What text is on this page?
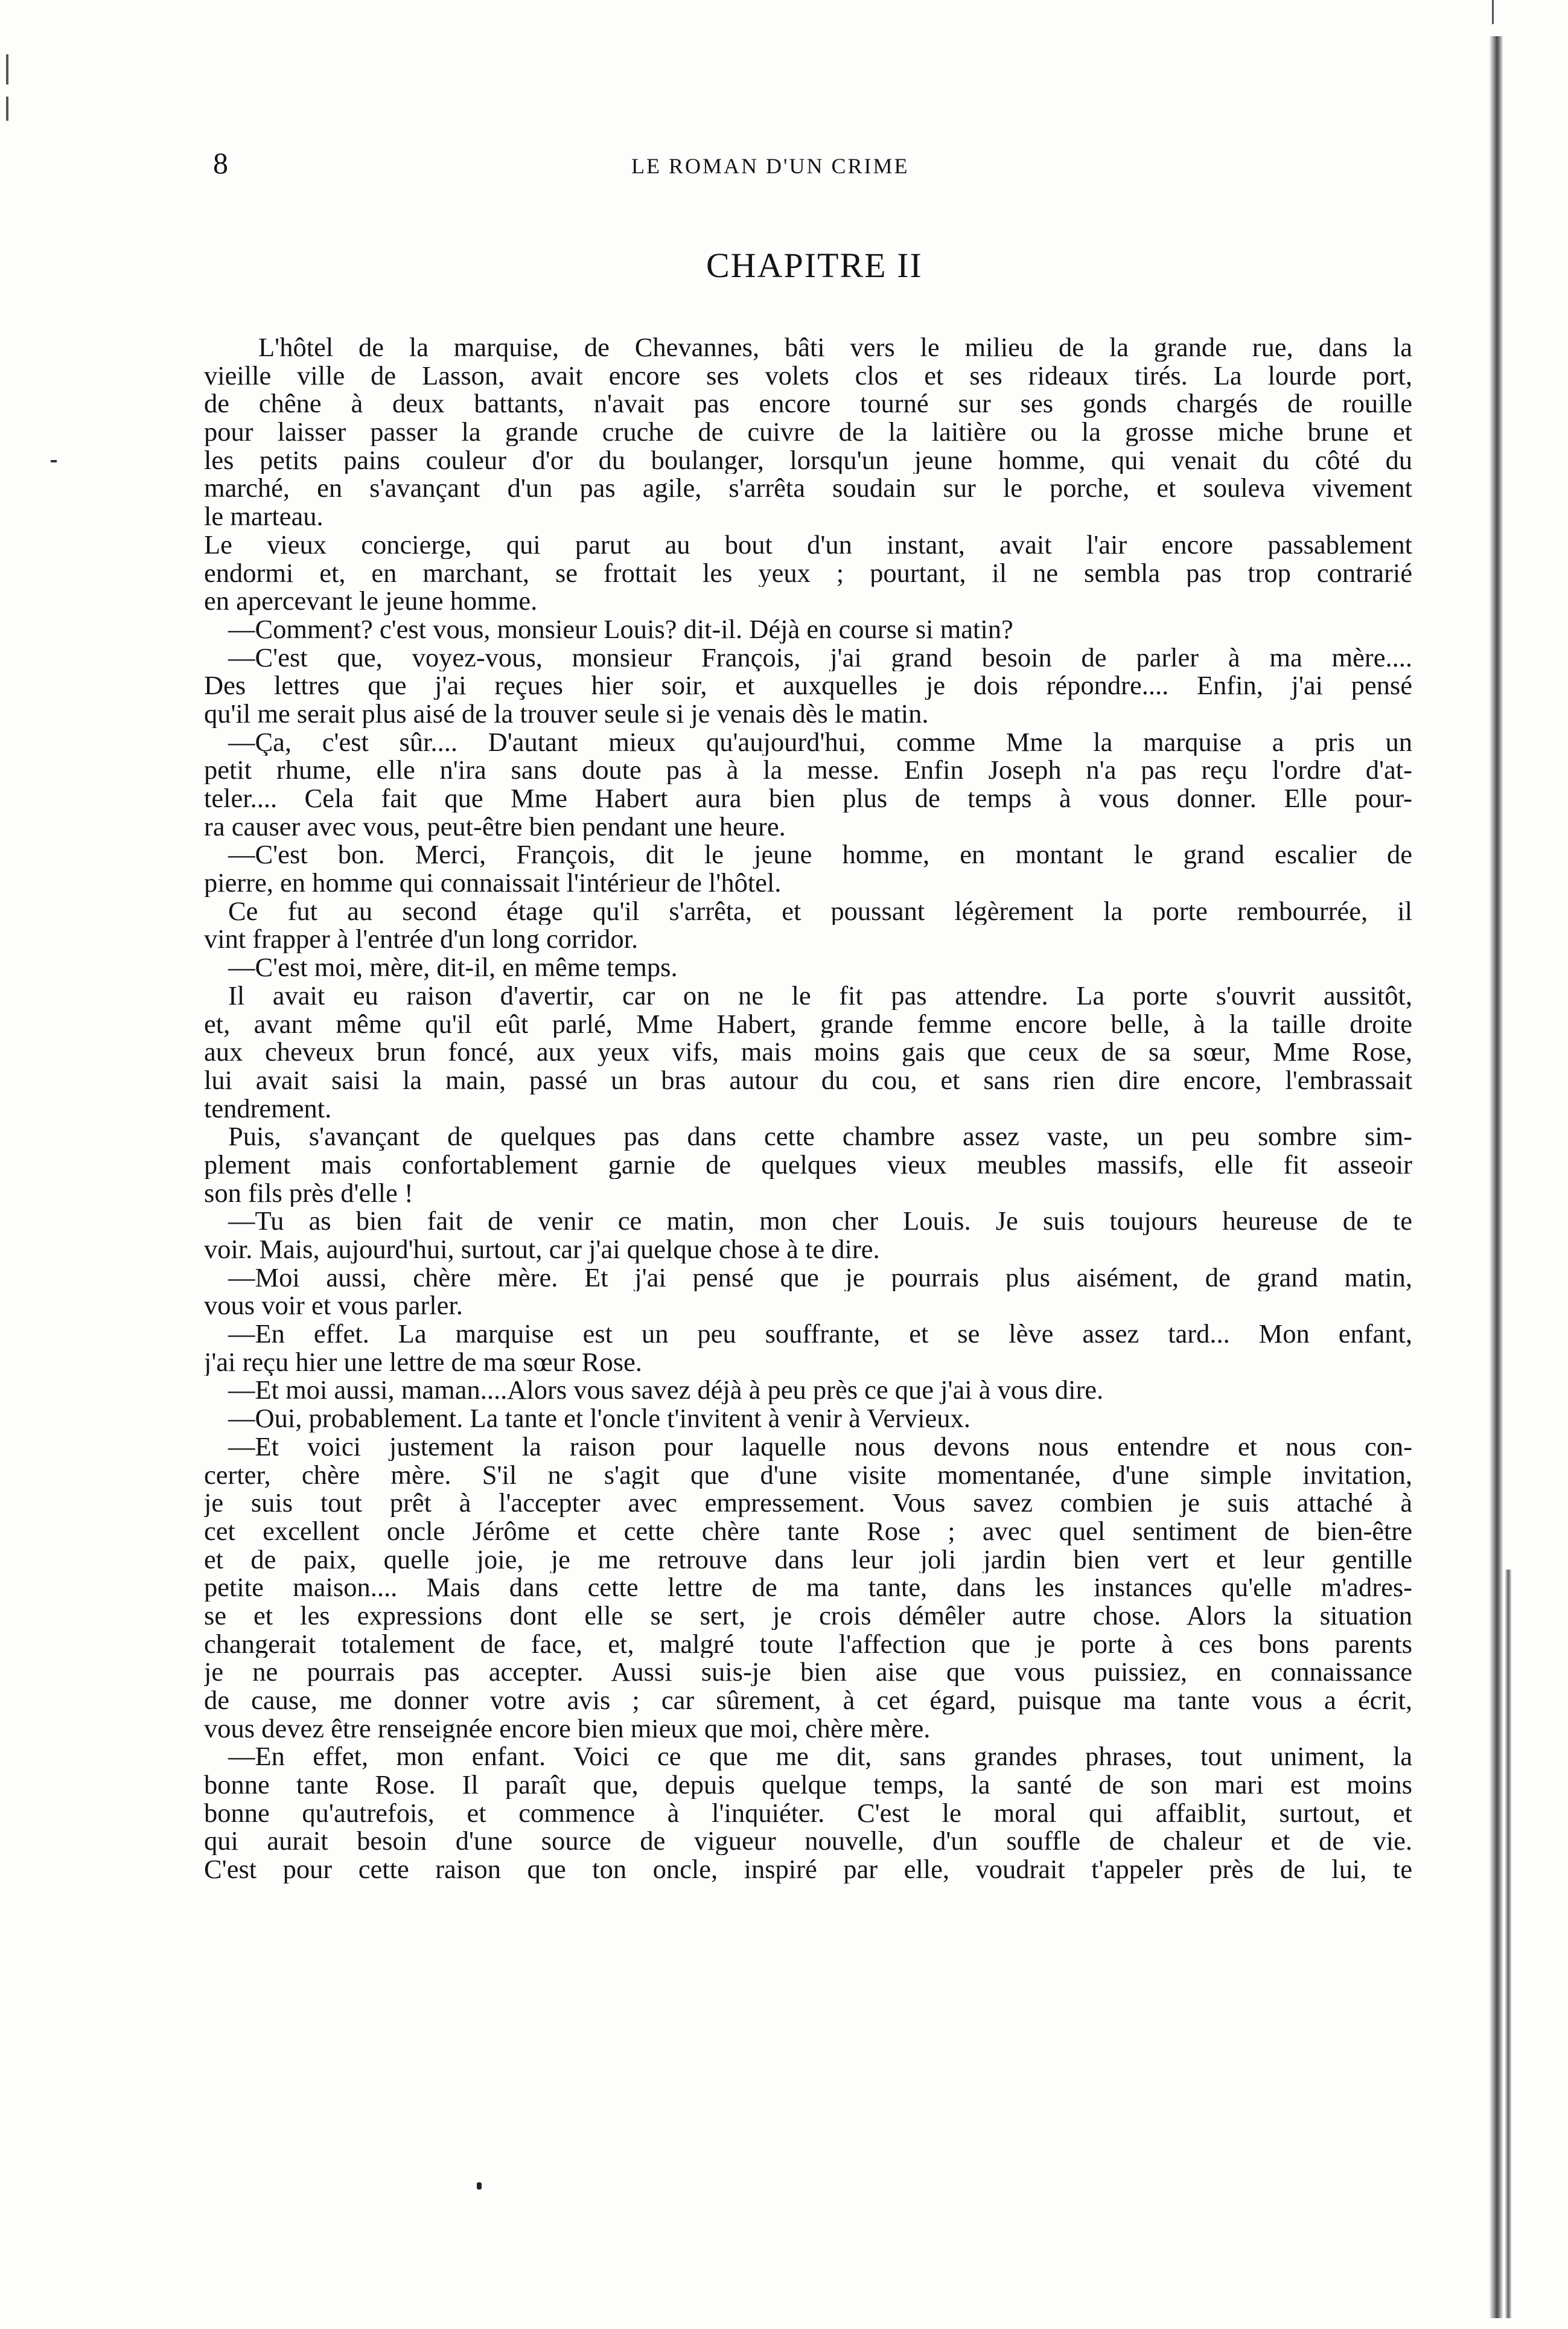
8	LE ROMAN D'UN CRIME
CHAPITRE II
L'hôtel de la marquise, de Chevannes, bâti vers le milieu de la grande rue, dans la
vieille ville de Lasson, avait encore ses volets clos et ses rideaux tirés. La lourde port,
de chêne à deux battants, n'avait pas encore tourné sur ses gonds chargés de rouille
pour laisser passer la grande cruche de cuivre de la laitière ou la grosse miche brune et
les petits pains couleur d'or du boulanger, lorsqu'un jeune homme, qui venait du côté du
marché, en s'avançant d'un pas agile, s'arrêta soudain sur le porche, et souleva vivement
le marteau.
Le vieux concierge, qui parut au bout d'un instant, avait l'air encore passablement
endormi et, en marchant, se frottait les yeux ; pourtant, il ne sembla pas trop contrarié
en apercevant le jeune homme.
—Comment? c'est vous, monsieur Louis? dit-il. Déjà en course si matin?
—C'est que, voyez-vous, monsieur François, j'ai grand besoin de parler à ma mère....
Des lettres que j'ai reçues hier soir, et auxquelles je dois répondre.... Enfin, j'ai pensé
qu'il me serait plus aisé de la trouver seule si je venais dès le matin.
—Ça, c'est sûr.... D'autant mieux qu'aujourd'hui, comme Mme la marquise a pris un
petit rhume, elle n'ira sans doute pas à la messe. Enfin Joseph n'a pas reçu l'ordre d'at-
teler.... Cela fait que Mme Habert aura bien plus de temps à vous donner. Elle pour-
ra causer avec vous, peut-être bien pendant une heure.
—C'est bon. Merci, François, dit le jeune homme, en montant le grand escalier de
pierre, en homme qui connaissait l'intérieur de l'hôtel.
Ce fut au second étage qu'il s'arrêta, et poussant légèrement la porte rembourrée, il
vint frapper à l'entrée d'un long corridor.
—C'est moi, mère, dit-il, en même temps.
Il avait eu raison d'avertir, car on ne le fit pas attendre. La porte s'ouvrit aussitôt,
et, avant même qu'il eût parlé, Mme Habert, grande femme encore belle, à la taille droite
aux cheveux brun foncé, aux yeux vifs, mais moins gais que ceux de sa sœur, Mme Rose,
lui avait saisi la main, passé un bras autour du cou, et sans rien dire encore, l'embrassait
tendrement.
Puis, s'avançant de quelques pas dans cette chambre assez vaste, un peu sombre sim-
plement mais confortablement garnie de quelques vieux meubles massifs, elle fit asseoir
son fils près d'elle !
—Tu as bien fait de venir ce matin, mon cher Louis. Je suis toujours heureuse de te
voir. Mais, aujourd'hui, surtout, car j'ai quelque chose à te dire.
—Moi aussi, chère mère. Et j'ai pensé que je pourrais plus aisément, de grand matin,
vous voir et vous parler.
—En effet. La marquise est un peu souffrante, et se lève assez tard... Mon enfant,
j'ai reçu hier une lettre de ma sœur Rose.
—Et moi aussi, maman....Alors vous savez déjà à peu près ce que j'ai à vous dire.
—Oui, probablement. La tante et l'oncle t'invitent à venir à Vervieux.
—Et voici justement la raison pour laquelle nous devons nous entendre et nous con-
certer, chère mère. S'il ne s'agit que d'une visite momentanée, d'une simple invitation,
je suis tout prêt à l'accepter avec empressement. Vous savez combien je suis attaché à
cet excellent oncle Jérôme et cette chère tante Rose ; avec quel sentiment de bien-être
et de paix, quelle joie, je me retrouve dans leur joli jardin bien vert et leur gentille
petite maison.... Mais dans cette lettre de ma tante, dans les instances qu'elle m'adres-
se et les expressions dont elle se sert, je crois démêler autre chose. Alors la situation
changerait totalement de face, et, malgré toute l'affection que je porte à ces bons parents
je ne pourrais pas accepter. Aussi suis-je bien aise que vous puissiez, en connaissance
de cause, me donner votre avis ; car sûrement, à cet égard, puisque ma tante vous a écrit,
vous devez être renseignée encore bien mieux que moi, chère mère.
—En effet, mon enfant. Voici ce que me dit, sans grandes phrases, tout uniment, la
bonne tante Rose. Il paraît que, depuis quelque temps, la santé de son mari est moins
bonne qu'autrefois, et commence à l'inquiéter. C'est le moral qui affaiblit, surtout, et
qui aurait besoin d'une source de vigueur nouvelle, d'un souffle de chaleur et de vie.
C'est pour cette raison que ton oncle, inspiré par elle, voudrait t'appeler près de lui, te
